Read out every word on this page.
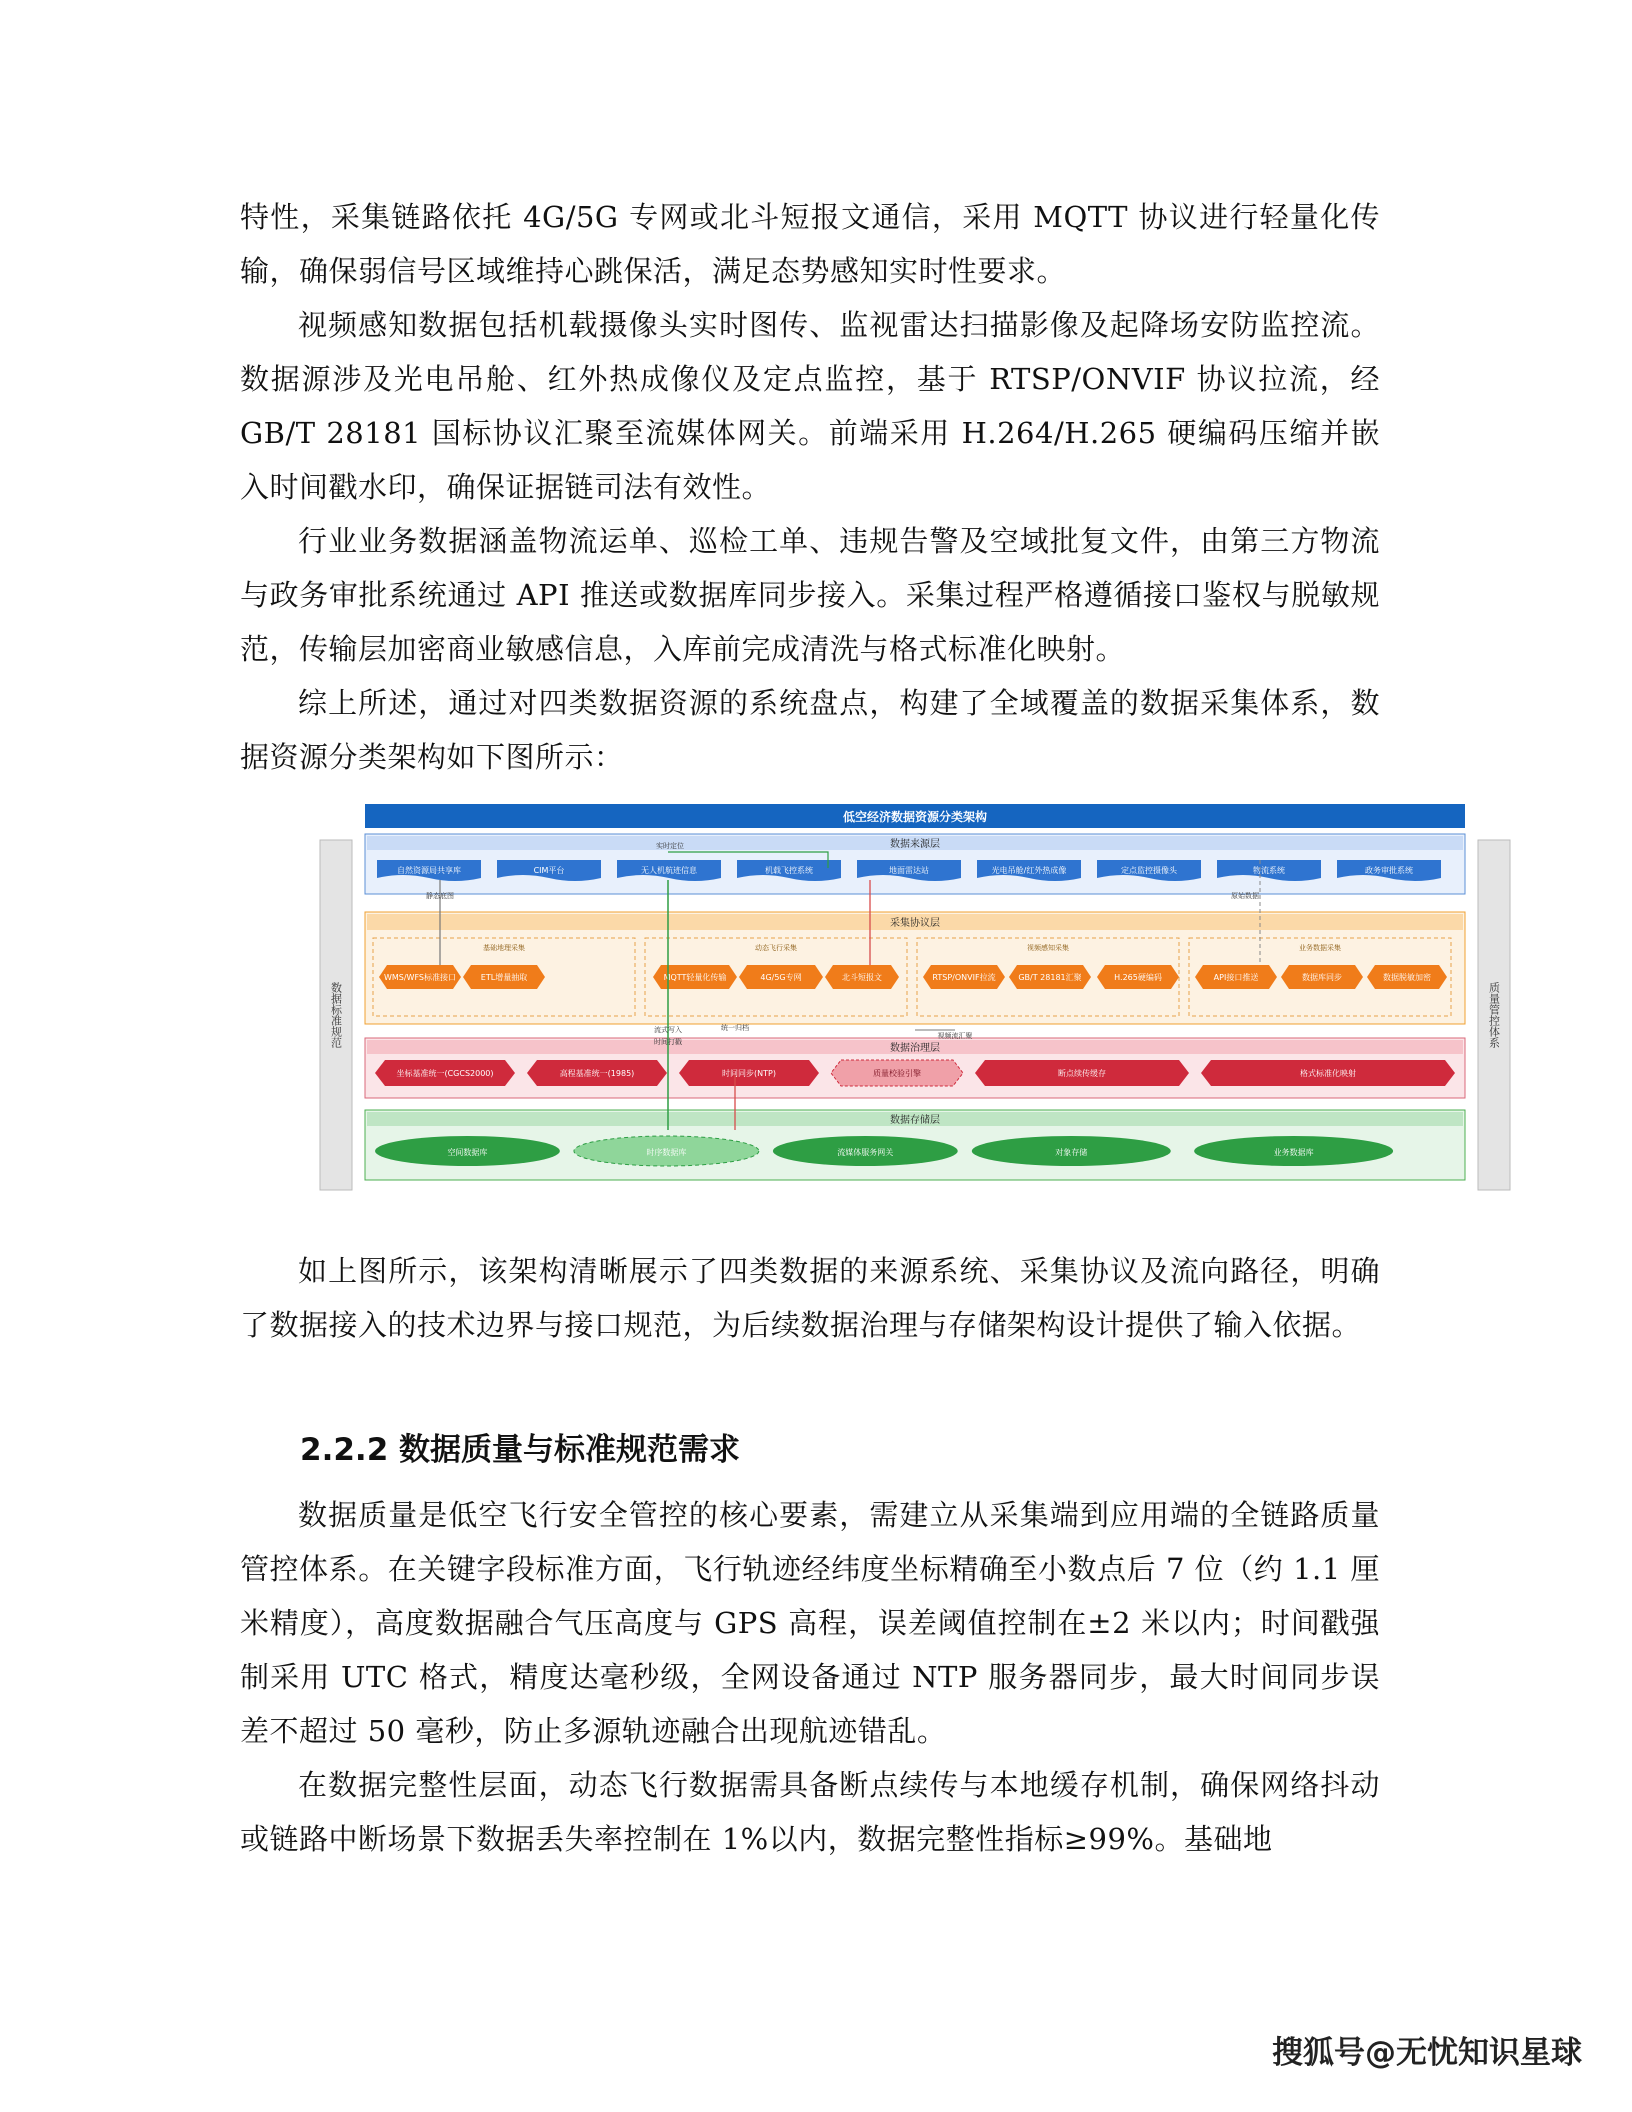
特性，采集链路依托 4G/5G 专网或北斗短报文通信，采用 MQTT 协议进行轻量化传输，确保弱信号区域维持心跳保活，满足态势感知实时性要求。

视频感知数据包括机载摄像头实时图传、监视雷达扫描影像及起降场安防监控流。数据源涉及光电吊舱、红外热成像仪及定点监控，基于 RTSP/ONVIF 协议拉流，经 GB/T 28181 国标协议汇聚至流媒体网关。前端采用 H.264/H.265 硬编码压缩并嵌入时间戳水印，确保证据链司法有效性。

行业业务数据涵盖物流运单、巡检工单、违规告警及空域批复文件，由第三方物流与政务审批系统通过 API 推送或数据库同步接入。采集过程严格遵循接口鉴权与脱敏规范，传输层加密商业敏感信息，入库前完成清洗与格式标准化映射。

综上所述，通过对四类数据资源的系统盘点，构建了全域覆盖的数据采集体系，数据资源分类架构如下图所示：

数据标准规范	质量管控体系
低空经济数据资源分类架构
数据来源层
自然资源局共享库	CIM平台	无人机航迹信息	机载飞控系统	地面雷达站	光电吊舱/红外热成像	定点监控摄像头	物流系统	政务审批系统
采集协议层
基础地理采集	动态飞行采集	视频感知采集	业务数据采集
WMS/WFS标准接口	ETL增量抽取	MQTT轻量化传输	4G/5G专网	北斗短报文	RTSP/ONVIF拉流	GB/T 28181汇聚	H.265硬编码	API接口推送	数据库同步	数据脱敏加密
数据治理层
坐标基准统一(CGCS2000)	高程基准统一(1985)	时间同步(NTP)	质量校验引擎	断点续传缓存	格式标准化映射
数据存储层
空间数据库	时序数据库	流媒体服务网关	对象存储	业务数据库
静态底图
实时定位
统一归档
原始数据
流式写入
时间打戳
视频流汇聚

如上图所示，该架构清晰展示了四类数据的来源系统、采集协议及流向路径，明确了数据接入的技术边界与接口规范，为后续数据治理与存储架构设计提供了输入依据。

2.2.2 数据质量与标准规范需求

数据质量是低空飞行安全管控的核心要素，需建立从采集端到应用端的全链路质量管控体系。在关键字段标准方面，飞行轨迹经纬度坐标精确至小数点后 7 位（约 1.1 厘米精度），高度数据融合气压高度与 GPS 高程，误差阈值控制在±2 米以内；时间戳强制采用 UTC 格式，精度达毫秒级，全网设备通过 NTP 服务器同步，最大时间同步误差不超过 50 毫秒，防止多源轨迹融合出现航迹错乱。

在数据完整性层面，动态飞行数据需具备断点续传与本地缓存机制，确保网络抖动或链路中断场景下数据丢失率控制在 1%以内，数据完整性指标≥99%。基础地

搜狐号@无忧知识星球
